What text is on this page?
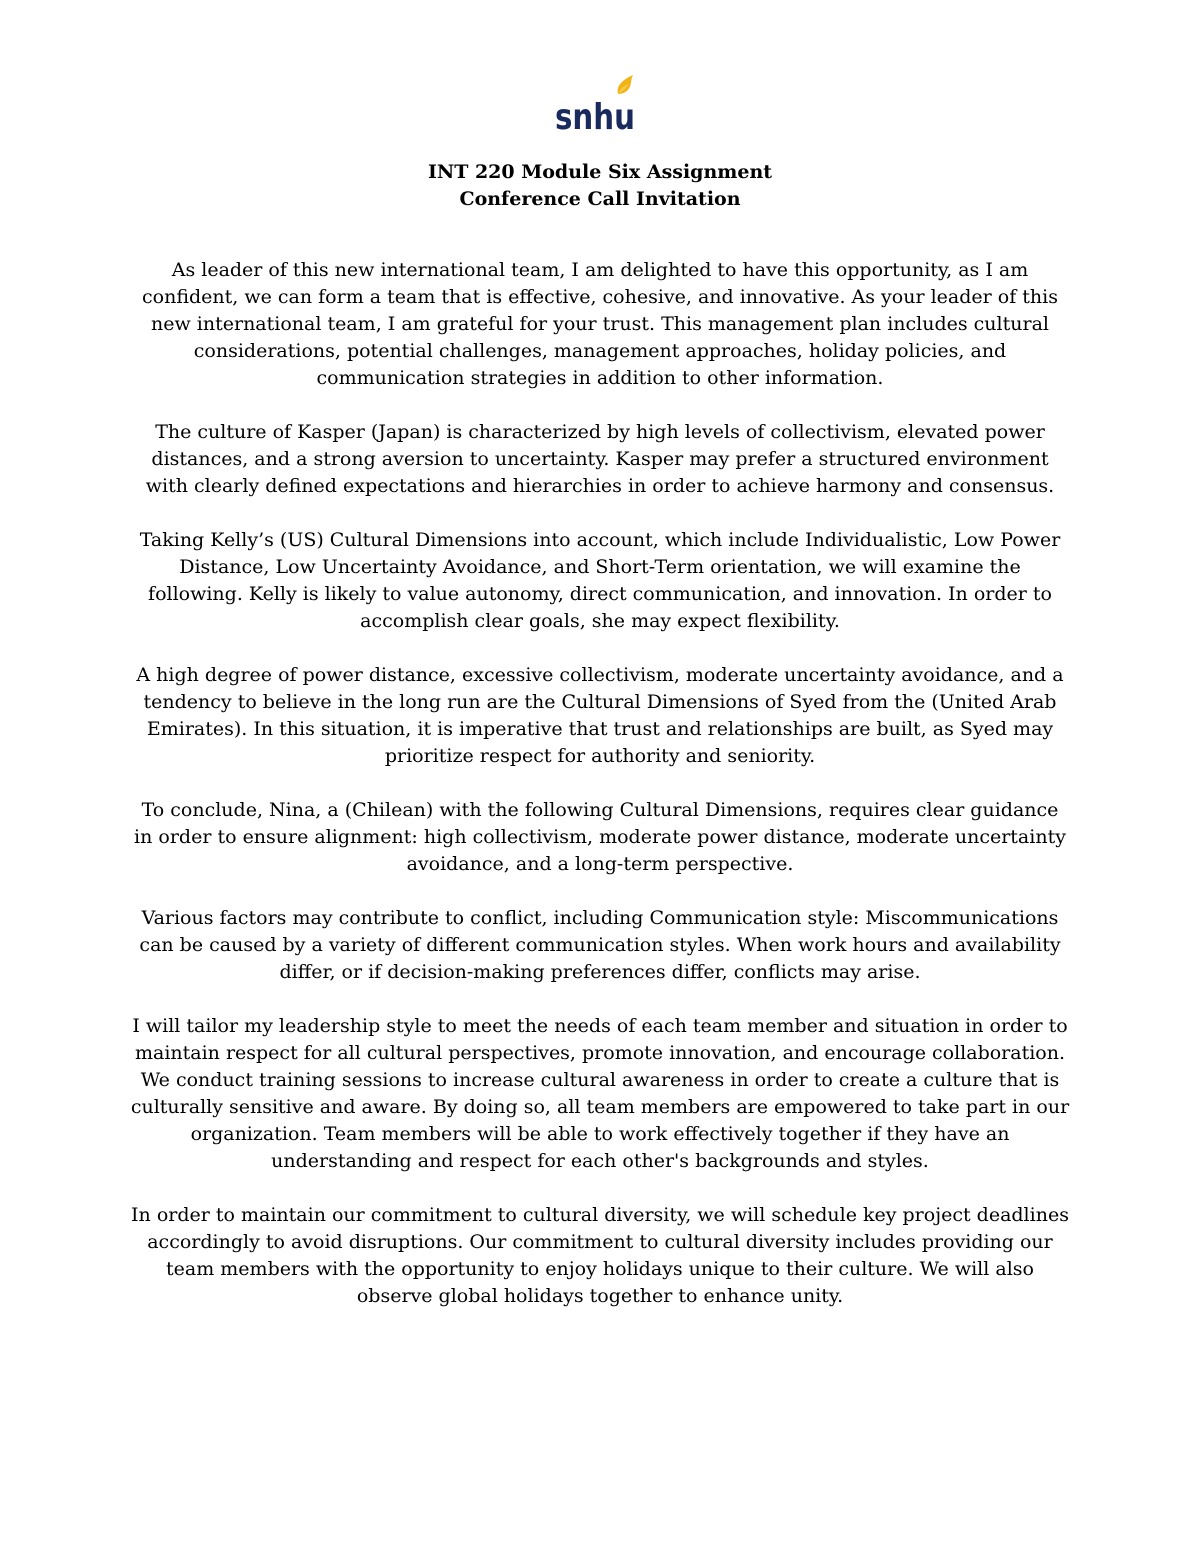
snhu
INT 220 Module Six Assignment
Conference Call Invitation

As leader of this new international team, I am delighted to have this opportunity, as I am confident, we can form a team that is effective, cohesive, and innovative. As your leader of this new international team, I am grateful for your trust. This management plan includes cultural considerations, potential challenges, management approaches, holiday policies, and communication strategies in addition to other information.

The culture of Kasper (Japan) is characterized by high levels of collectivism, elevated power distances, and a strong aversion to uncertainty. Kasper may prefer a structured environment with clearly defined expectations and hierarchies in order to achieve harmony and consensus.

Taking Kelly’s (US) Cultural Dimensions into account, which include Individualistic, Low Power Distance, Low Uncertainty Avoidance, and Short-Term orientation, we will examine the following. Kelly is likely to value autonomy, direct communication, and innovation. In order to accomplish clear goals, she may expect flexibility.

A high degree of power distance, excessive collectivism, moderate uncertainty avoidance, and a tendency to believe in the long run are the Cultural Dimensions of Syed from the (United Arab Emirates). In this situation, it is imperative that trust and relationships are built, as Syed may prioritize respect for authority and seniority.

To conclude, Nina, a (Chilean) with the following Cultural Dimensions, requires clear guidance in order to ensure alignment: high collectivism, moderate power distance, moderate uncertainty avoidance, and a long-term perspective.

Various factors may contribute to conflict, including Communication style: Miscommunications can be caused by a variety of different communication styles. When work hours and availability differ, or if decision-making preferences differ, conflicts may arise.

I will tailor my leadership style to meet the needs of each team member and situation in order to maintain respect for all cultural perspectives, promote innovation, and encourage collaboration. We conduct training sessions to increase cultural awareness in order to create a culture that is culturally sensitive and aware. By doing so, all team members are empowered to take part in our organization. Team members will be able to work effectively together if they have an understanding and respect for each other's backgrounds and styles.

In order to maintain our commitment to cultural diversity, we will schedule key project deadlines accordingly to avoid disruptions. Our commitment to cultural diversity includes providing our team members with the opportunity to enjoy holidays unique to their culture. We will also observe global holidays together to enhance unity.
